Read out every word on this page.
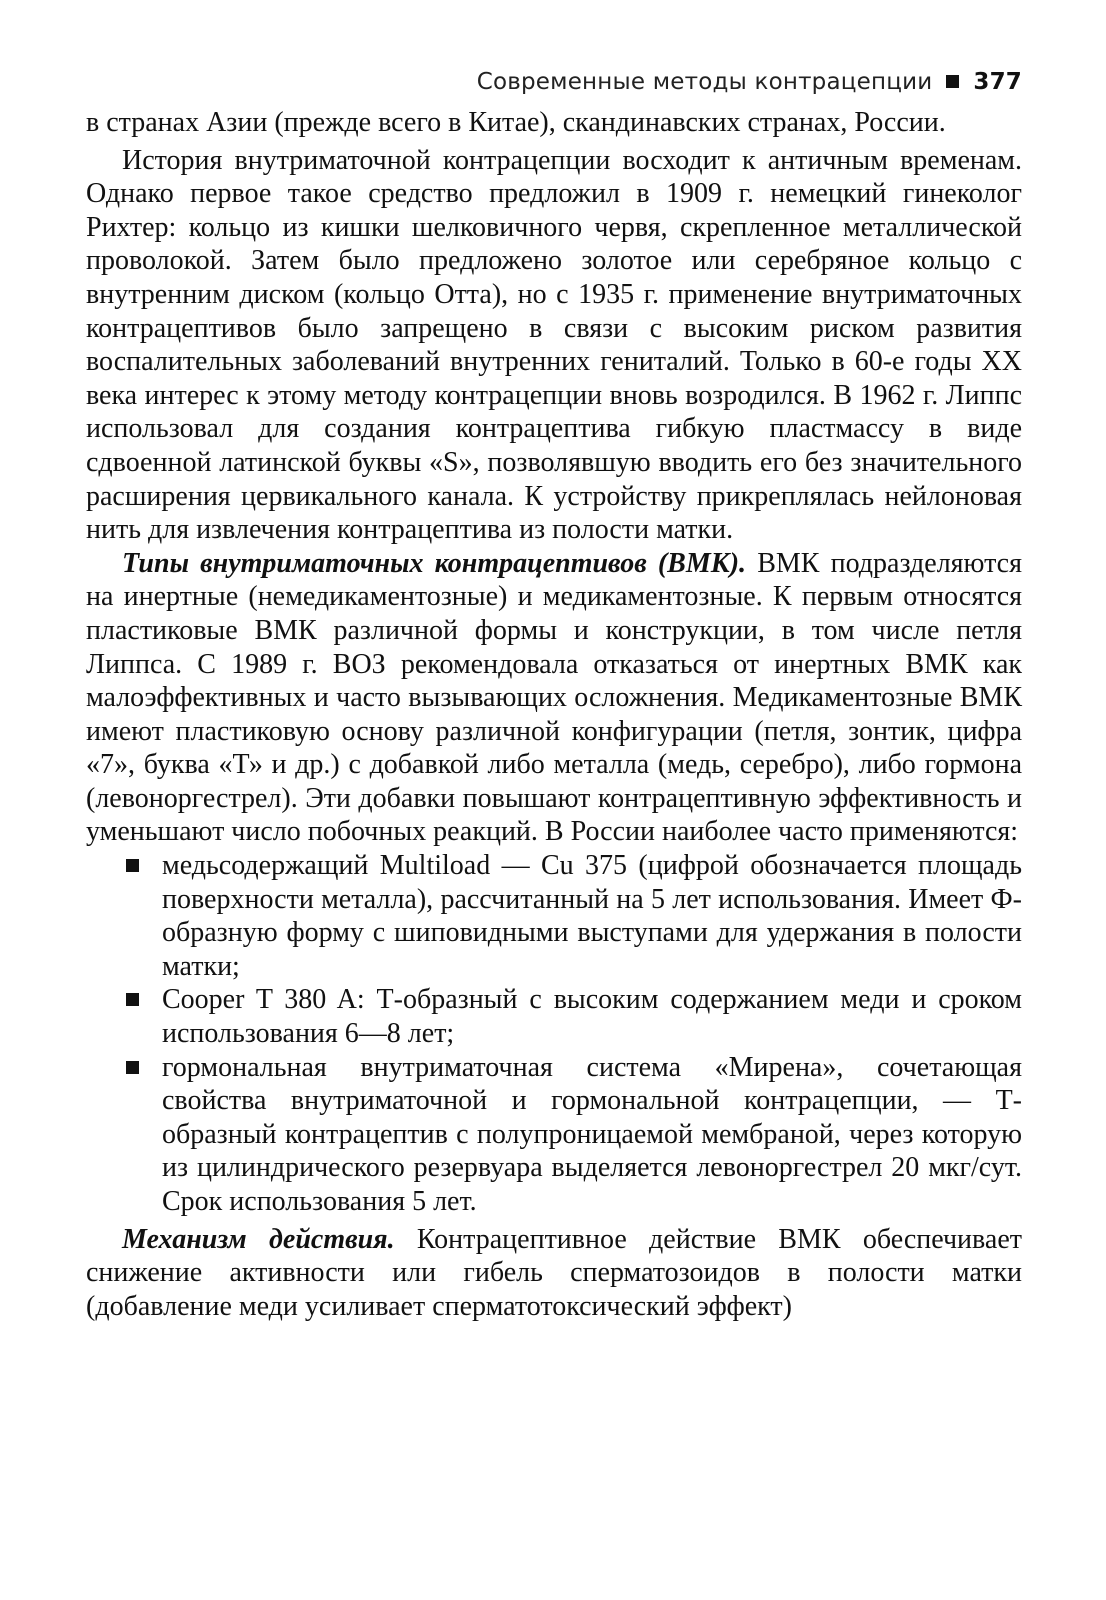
Современные методы контрацепции 377

в странах Азии (прежде всего в Китае), скандинавских странах, России.

История внутриматочной контрацепции восходит к античным временам. Однако первое такое средство предложил в 1909 г. немецкий гинеколог Рихтер: кольцо из кишки шелковичного червя, скрепленное металлической проволокой. Затем было предложено золотое или серебряное кольцо с внутренним диском (кольцо Отта), но с 1935 г. применение внутриматочных контрацептивов было запрещено в связи с высоким риском развития воспалительных заболеваний внутренних гениталий. Только в 60-е годы XX века интерес к этому методу контрацепции вновь возродился. В 1962 г. Липпс использовал для создания контрацептива гибкую пластмассу в виде сдвоенной латинской буквы «S», позволявшую вводить его без значительного расширения цервикального канала. К устройству прикреплялась нейлоновая нить для извлечения контрацептива из полости матки.

Типы внутриматочных контрацептивов (ВМК). ВМК подразделяются на инертные (немедикаментозные) и медикаментозные. К первым относятся пластиковые ВМК различной формы и конструкции, в том числе петля Липпса. С 1989 г. ВОЗ рекомендовала отказаться от инертных ВМК как малоэффективных и часто вызывающих осложнения. Медикаментозные ВМК имеют пластиковую основу различной конфигурации (петля, зонтик, цифра «7», буква «Т» и др.) с добавкой либо металла (медь, серебро), либо гормона (левоноргестрел). Эти добавки повышают контрацептивную эффективность и уменьшают число побочных реакций. В России наиболее часто применяются:

медьсодержащий Multiload — Cu 375 (цифрой обозначается площадь поверхности металла), рассчитанный на 5 лет использования. Имеет Ф-образную форму с шиповидными выступами для удержания в полости матки;
Cooper T 380 A: Т-образный с высоким содержанием меди и сроком использования 6—8 лет;
гормональная внутриматочная система «Мирена», сочетающая свойства внутриматочной и гормональной контрацепции, — Т-образный контрацептив с полупроницаемой мембраной, через которую из цилиндрического резервуара выделяется левоноргестрел 20 мкг/сут. Срок использования 5 лет.

Механизм действия. Контрацептивное действие ВМК обеспечивает снижение активности или гибель сперматозоидов в полости матки (добавление меди усиливает сперматотоксический эффект)
